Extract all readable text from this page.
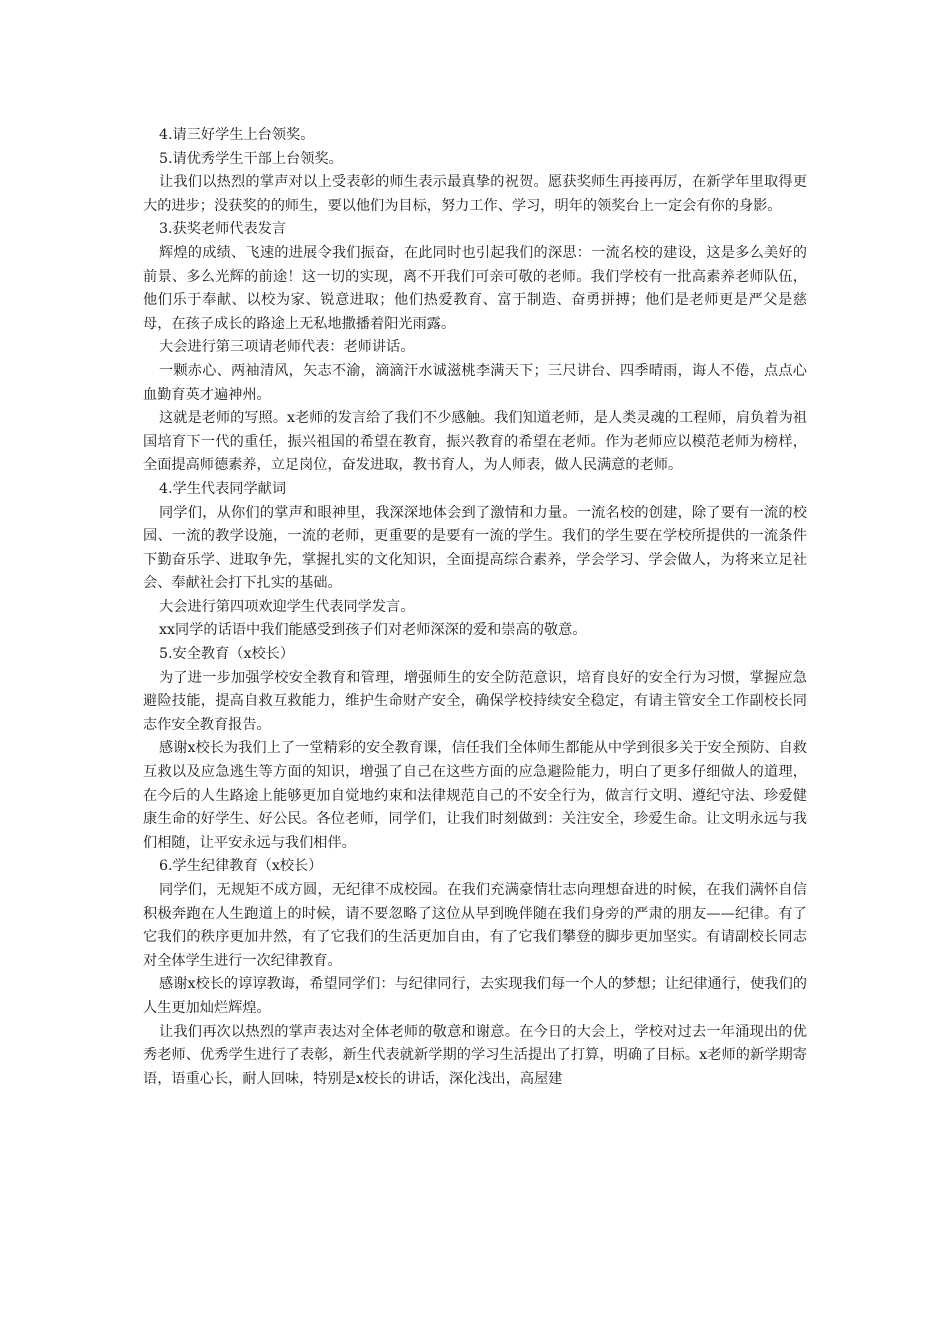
4.请三好学生上台领奖。

5.请优秀学生干部上台领奖。

让我们以热烈的掌声对以上受表彰的师生表示最真挚的祝贺。愿获奖师生再接再厉，在新学年里取得更大的进步；没获奖的的师生，要以他们为目标，努力工作、学习，明年的领奖台上一定会有你的身影。

3.获奖老师代表发言

辉煌的成绩、飞速的进展令我们振奋，在此同时也引起我们的深思：一流名校的建设，这是多么美好的前景、多么光辉的前途！这一切的实现，离不开我们可亲可敬的老师。我们学校有一批高素养老师队伍，他们乐于奉献、以校为家、锐意进取；他们热爱教育、富于制造、奋勇拼搏；他们是老师更是严父是慈母，在孩子成长的路途上无私地撒播着阳光雨露。

大会进行第三项请老师代表：老师讲话。

一颗赤心、两袖清风，矢志不渝，滴滴汗水诚滋桃李满天下；三尺讲台、四季晴雨，诲人不倦，点点心血勤育英才遍神州。

这就是老师的写照。x老师的发言给了我们不少感触。我们知道老师，是人类灵魂的工程师，肩负着为祖国培育下一代的重任，振兴祖国的希望在教育，振兴教育的希望在老师。作为老师应以模范老师为榜样，全面提高师德素养，立足岗位，奋发进取，教书育人，为人师表，做人民满意的老师。

4.学生代表同学献词

同学们，从你们的掌声和眼神里，我深深地体会到了激情和力量。一流名校的创建，除了要有一流的校园、一流的教学设施，一流的老师，更重要的是要有一流的学生。我们的学生要在学校所提供的一流条件下勤奋乐学、进取争先，掌握扎实的文化知识，全面提高综合素养，学会学习、学会做人，为将来立足社会、奉献社会打下扎实的基础。

大会进行第四项欢迎学生代表同学发言。

xx同学的话语中我们能感受到孩子们对老师深深的爱和崇高的敬意。

5.安全教育（x校长）

为了进一步加强学校安全教育和管理，增强师生的安全防范意识，培育良好的安全行为习惯，掌握应急避险技能，提高自救互救能力，维护生命财产安全，确保学校持续安全稳定，有请主管安全工作副校长同志作安全教育报告。

感谢x校长为我们上了一堂精彩的安全教育课，信任我们全体师生都能从中学到很多关于安全预防、自救互救以及应急逃生等方面的知识，增强了自己在这些方面的应急避险能力，明白了更多仔细做人的道理，在今后的人生路途上能够更加自觉地约束和法律规范自己的不安全行为，做言行文明、遵纪守法、珍爱健康生命的好学生、好公民。各位老师，同学们，让我们时刻做到：关注安全，珍爱生命。让文明永远与我们相随，让平安永远与我们相伴。

6.学生纪律教育（x校长）

同学们，无规矩不成方圆，无纪律不成校园。在我们充满豪情壮志向理想奋进的时候，在我们满怀自信积极奔跑在人生跑道上的时候，请不要忽略了这位从早到晚伴随在我们身旁的严肃的朋友——纪律。有了它我们的秩序更加井然，有了它我们的生活更加自由，有了它我们攀登的脚步更加坚实。有请副校长同志对全体学生进行一次纪律教育。

感谢x校长的谆谆教诲，希望同学们：与纪律同行，去实现我们每一个人的梦想；让纪律通行，使我们的人生更加灿烂辉煌。

让我们再次以热烈的掌声表达对全体老师的敬意和谢意。在今日的大会上，学校对过去一年涌现出的优秀老师、优秀学生进行了表彰，新生代表就新学期的学习生活提出了打算，明确了目标。x老师的新学期寄语，语重心长，耐人回味，特别是x校长的讲话，深化浅出，高屋建
